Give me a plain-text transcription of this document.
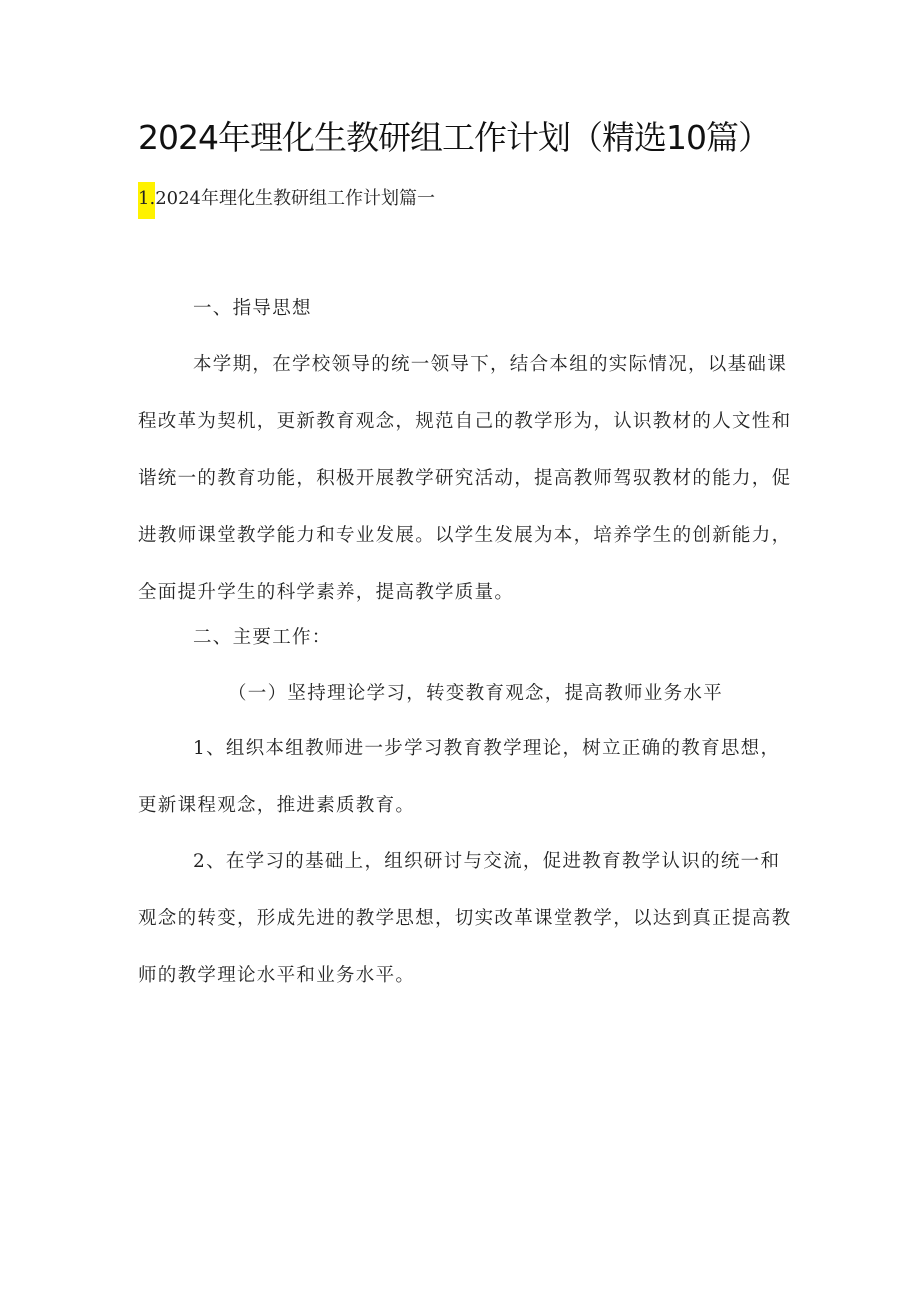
2024年理化生教研组工作计划（精选10篇）
1.2024年理化生教研组工作计划篇一

一、指导思想

本学期，在学校领导的统一领导下，结合本组的实际情况，以基础课
程改革为契机，更新教育观念，规范自己的教学形为，认识教材的人文性和
谐统一的教育功能，积极开展教学研究活动，提高教师驾驭教材的能力，促
进教师课堂教学能力和专业发展。以学生发展为本，培养学生的创新能力，
全面提升学生的科学素养，提高教学质量。

二、主要工作：

（一）坚持理论学习，转变教育观念，提高教师业务水平

1、组织本组教师进一步学习教育教学理论，树立正确的教育思想，
更新课程观念，推进素质教育。

2、在学习的基础上，组织研讨与交流，促进教育教学认识的统一和
观念的转变，形成先进的教学思想，切实改革课堂教学，以达到真正提高教
师的教学理论水平和业务水平。
